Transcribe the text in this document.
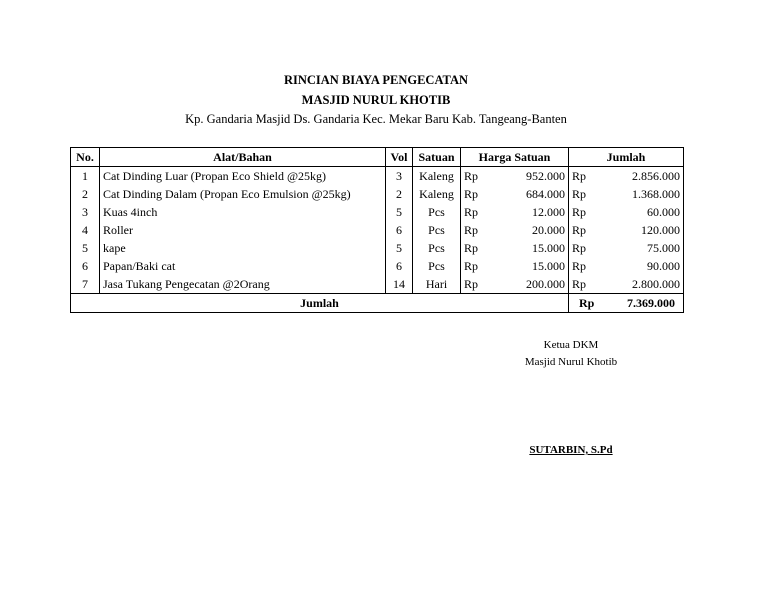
RINCIAN BIAYA PENGECATAN
MASJID NURUL KHOTIB
Kp. Gandaria Masjid Ds. Gandaria Kec. Mekar Baru Kab. Tangeang-Banten
No.	Alat/Bahan	Vol	Satuan	Harga Satuan		Jumlah	
1	Cat Dinding Luar (Propan Eco Shield @25kg)	3	Kaleng	Rp	952.000	Rp	2.856.000
2	Cat Dinding Dalam (Propan Eco Emulsion @25kg)	2	Kaleng	Rp	684.000	Rp	1.368.000
3	Kuas 4inch	5	Pcs	Rp	12.000	Rp	60.000
4	Roller	6	Pcs	Rp	20.000	Rp	120.000
5	kape	5	Pcs	Rp	15.000	Rp	75.000
6	Papan/Baki cat	6	Pcs	Rp	15.000	Rp	90.000
7	Jasa Tukang Pengecatan @2Orang	14	Hari	Rp	200.000	Rp	2.800.000
Jumlah						Rp	7.369.000
Ketua DKM
Masjid Nurul Khotib
SUTARBIN, S.Pd
